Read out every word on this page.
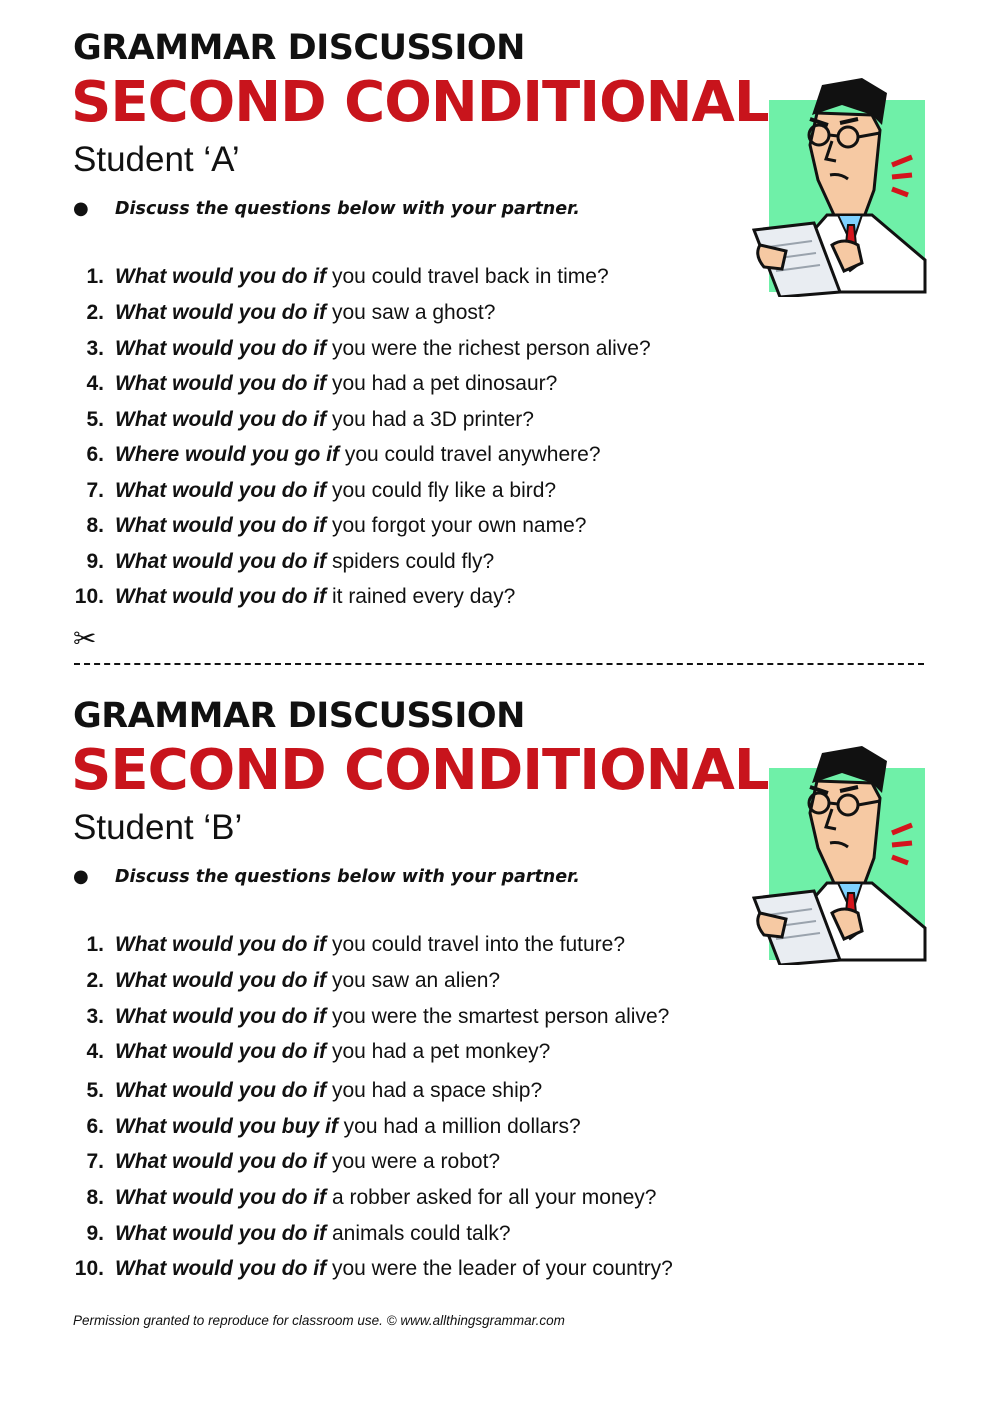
GRAMMAR DISCUSSION
SECOND CONDITIONAL
Student ‘A’
● Discuss the questions below with your partner.
1. What would you do if you could travel back in time?
2. What would you do if you saw a ghost?
3. What would you do if you were the richest person alive?
4. What would you do if you had a pet dinosaur?
5. What would you do if you had a 3D printer?
6. Where would you go if you could travel anywhere?
7. What would you do if you could fly like a bird?
8. What would you do if you forgot your own name?
9. What would you do if spiders could fly?
10. What would you do if it rained every day?
✂
GRAMMAR DISCUSSION
SECOND CONDITIONAL
Student ‘B’
● Discuss the questions below with your partner.
1. What would you do if you could travel into the future?
2. What would you do if you saw an alien?
3. What would you do if you were the smartest person alive?
4. What would you do if you had a pet monkey?
5. What would you do if you had a space ship?
6. What would you buy if you had a million dollars?
7. What would you do if you were a robot?
8. What would you do if a robber asked for all your money?
9. What would you do if animals could talk?
10. What would you do if you were the leader of your country?
Permission granted to reproduce for classroom use. © www.allthingsgrammar.com
